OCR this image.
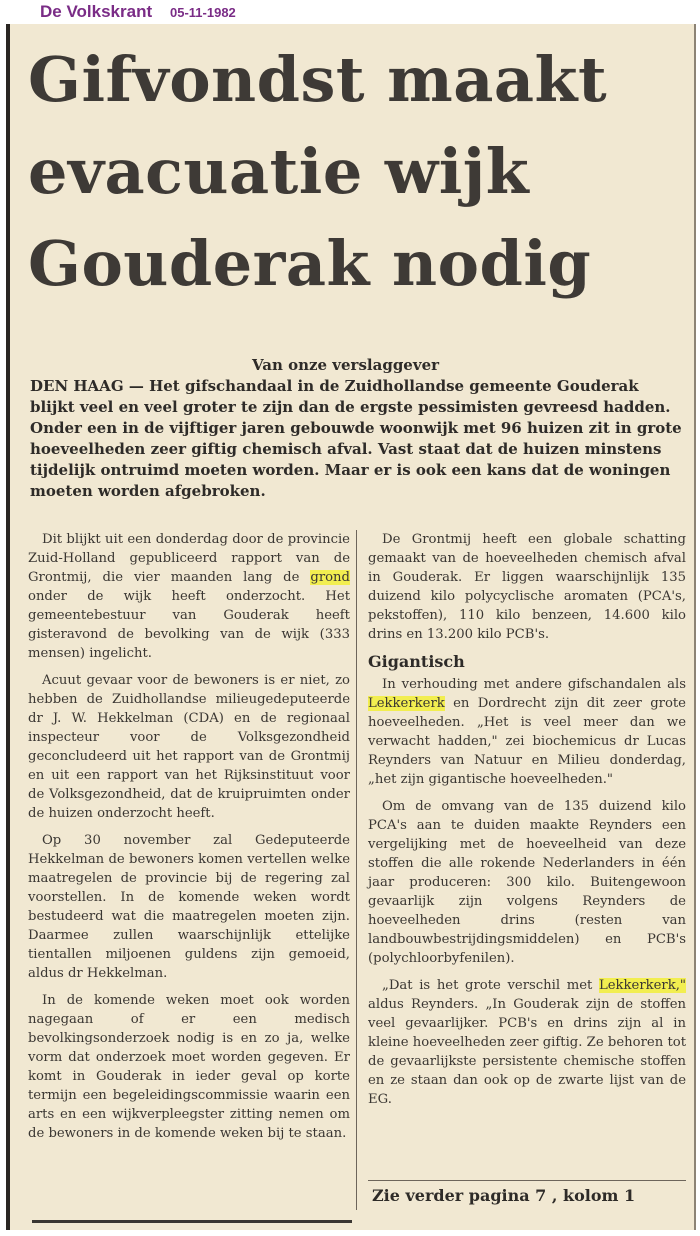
De Volkskrant 05-11-1982
Gifvondst maakt
evacuatie wijk
Gouderak nodig
Van onze verslaggever

DEN HAAG — Het gifschandaal in de Zuidhollandse gemeente Gouderak blijkt veel en veel groter te zijn dan de ergste pessimisten gevreesd hadden. Onder een in de vijftiger jaren gebouwde woonwijk met 96 huizen zit in grote hoeveelheden zeer giftig chemisch afval. Vast staat dat de huizen minstens tijdelijk ontruimd moeten worden. Maar er is ook een kans dat de woningen moeten worden afgebroken.

Dit blijkt uit een donderdag door de provincie Zuid-Holland gepubliceerd rapport van de Grontmij, die vier maanden lang de grond onder de wijk heeft onderzocht. Het gemeentebestuur van Gouderak heeft gisteravond de bevolking van de wijk (333 mensen) ingelicht.

Acuut gevaar voor de bewoners is er niet, zo hebben de Zuidhollandse milieugedeputeerde dr J. W. Hekkelman (CDA) en de regionaal inspecteur voor de Volksgezondheid geconcludeerd uit het rapport van de Grontmij en uit een rapport van het Rijksinstituut voor de Volksgezondheid, dat de kruipruimten onder de huizen onderzocht heeft.

Op 30 november zal Gedeputeerde Hekkelman de bewoners komen vertellen welke maatregelen de provincie bij de regering zal voorstellen. In de komende weken wordt bestudeerd wat die maatregelen moeten zijn. Daarmee zullen waarschijnlijk ettelijke tientallen miljoenen guldens zijn gemoeid, aldus dr Hekkelman.

In de komende weken moet ook worden nagegaan of er een medisch bevolkingsonderzoek nodig is en zo ja, welke vorm dat onderzoek moet worden gegeven. Er komt in Gouderak in ieder geval op korte termijn een begeleidingscommissie waarin een arts en een wijkverpleegster zitting nemen om de bewoners in de komende weken bij te staan.

De Grontmij heeft een globale schatting gemaakt van de hoeveelheden chemisch afval in Gouderak. Er liggen waarschijnlijk 135 duizend kilo polycyclische aromaten (PCA's, pekstoffen), 110 kilo benzeen, 14.600 kilo drins en 13.200 kilo PCB's.

Gigantisch

In verhouding met andere gifschandalen als Lekkerkerk en Dordrecht zijn dit zeer grote hoeveelheden. „Het is veel meer dan we verwacht hadden," zei biochemicus dr Lucas Reynders van Natuur en Milieu donderdag, „het zijn gigantische hoeveelheden."

Om de omvang van de 135 duizend kilo PCA's aan te duiden maakte Reynders een vergelijking met de hoeveelheid van deze stoffen die alle rokende Nederlanders in één jaar produceren: 300 kilo. Buitengewoon gevaarlijk zijn volgens Reynders de hoeveelheden drins (resten van landbouwbestrijdingsmiddelen) en PCB's (polychloorbyfenilen).

„Dat is het grote verschil met Lekkerkerk," aldus Reynders. „In Gouderak zijn de stoffen veel gevaarlijker. PCB's en drins zijn al in kleine hoeveelheden zeer giftig. Ze behoren tot de gevaarlijkste persistente chemische stoffen en ze staan dan ook op de zwarte lijst van de EG.

Zie verder pagina 7 , kolom 1
